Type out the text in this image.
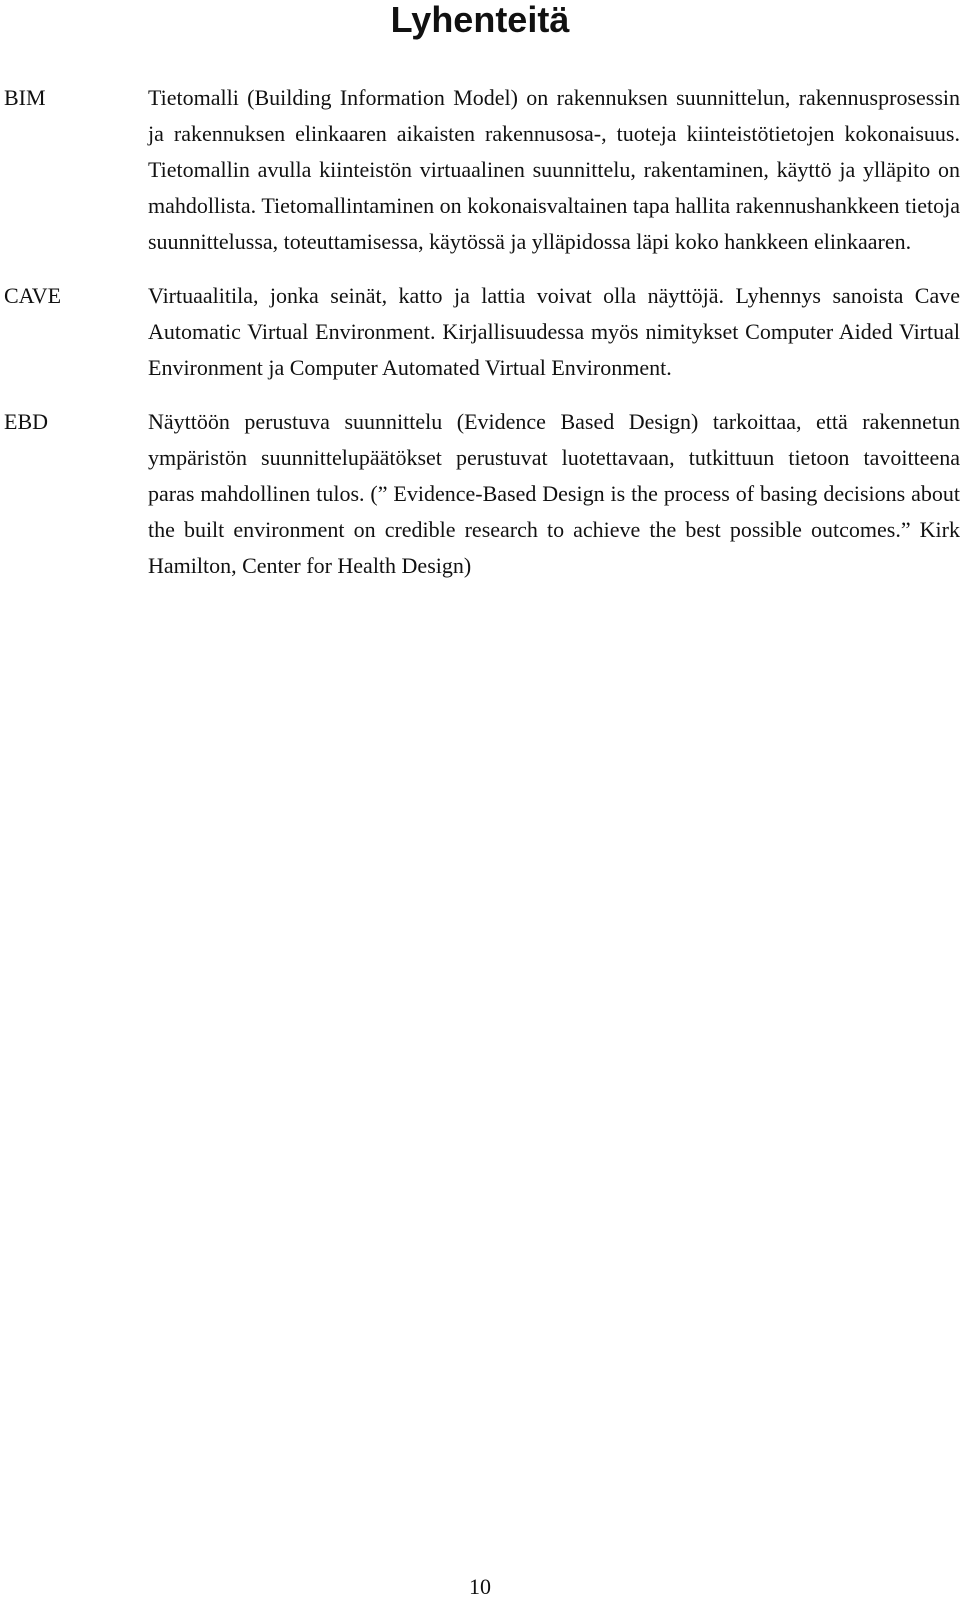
Lyhenteitä
BIM	Tietomalli (Building Information Model) on rakennuksen suunnittelun, rakennusprosessin ja rakennuksen elinkaaren aikaisten rakennusosa-, tuoteja kiinteistötietojen kokonaisuus. Tietomallin avulla kiinteistön virtuaalinen suunnittelu, rakentaminen, käyttö ja ylläpito on mahdollista. Tietomallintaminen on kokonaisvaltainen tapa hallita rakennushankkeen tietoja suunnittelussa, toteuttamisessa, käytössä ja ylläpidossa läpi koko hankkeen elinkaaren.
CAVE	Virtuaalitila, jonka seinät, katto ja lattia voivat olla näyttöjä. Lyhennys sanoista Cave Automatic Virtual Environment. Kirjallisuudessa myös nimitykset Computer Aided Virtual Environment ja Computer Automated Virtual Environment.
EBD	Näyttöön perustuva suunnittelu (Evidence Based Design) tarkoittaa, että rakennetun ympäristön suunnittelupäätökset perustuvat luotettavaan, tutkittuun tietoon tavoitteena paras mahdollinen tulos. (” Evidence-Based Design is the process of basing decisions about the built environment on credible research to achieve the best possible outcomes.” Kirk Hamilton, Center for Health Design)
10
